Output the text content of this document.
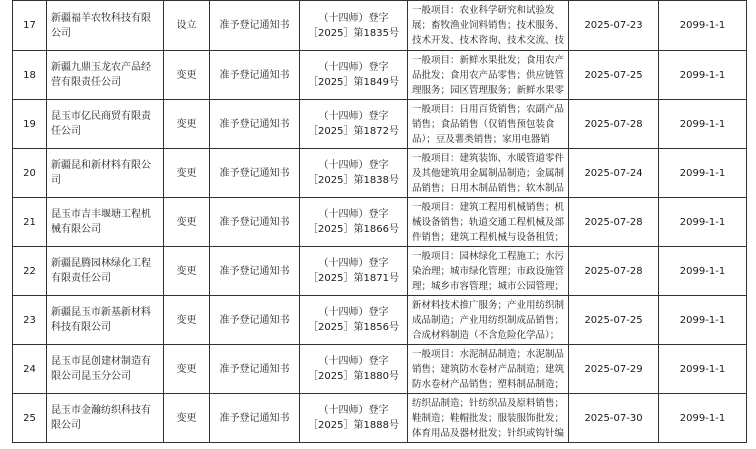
17	新疆福羊农牧科技有限公司	设立	准予登记通知书	（十四师）登字［2025］第1835号	一般项目：农业科学研究和试验发展；畜牧渔业饲料销售；技术服务、技术开发、技术咨询、技术交流、技	2025-07-23	2099-1-1
18	新疆九鼎玉龙农产品经营有限责任公司	变更	准予登记通知书	（十四师）登字［2025］第1849号	一般项目：新鲜水果批发；食用农产品批发；食用农产品零售；供应链管理服务；园区管理服务；新鲜水果零	2025-07-25	2099-1-1
19	昆玉市亿民商贸有限责任公司	变更	准予登记通知书	（十四师）登字［2025］第1872号	一般项目：日用百货销售；农副产品销售；食品销售（仅销售预包装食品）；豆及薯类销售；家用电器销	2025-07-28	2099-1-1
20	新疆昆和新材料有限公司	变更	准予登记通知书	（十四师）登字［2025］第1838号	一般项目：建筑装饰、水暖管道零件及其他建筑用金属制品制造；金属制品销售；日用木制品销售；软木制品	2025-07-24	2099-1-1
21	昆玉市吉丰堰塘工程机械有限公司	变更	准予登记通知书	（十四师）登字［2025］第1866号	一般项目：建筑工程用机械销售；机械设备销售；轨道交通工程机械及部件销售；建筑工程机械与设备租赁；	2025-07-28	2099-1-1
22	新疆昆腾园林绿化工程有限责任公司	变更	准予登记通知书	（十四师）登字［2025］第1871号	一般项目：园林绿化工程施工；水污染治理；城市绿化管理；市政设施管理；城乡市容管理；城市公园管理；	2025-07-28	2099-1-1
23	新疆昆玉市新基新材料科技有限公司	变更	准予登记通知书	（十四师）登字［2025］第1856号	新材料技术推广服务；产业用纺织制成品制造；产业用纺织制成品销售；合成材料制造（不含危险化学品）；	2025-07-25	2099-1-1
24	昆玉市昆创建材制造有限公司昆玉分公司	变更	准予登记通知书	（十四师）登字［2025］第1880号	一般项目：水泥制品制造；水泥制品销售；建筑防水卷材产品制造；建筑防水卷材产品销售；塑料制品制造；	2025-07-29	2099-1-1
25	昆玉市金瀚纺织科技有限公司	变更	准予登记通知书	（十四师）登字［2025］第1888号	纺织品制造；针纺织品及原料销售；鞋制造；鞋帽批发；服装服饰批发；体育用品及器材批发；针织或钩针编	2025-07-30	2099-1-1
